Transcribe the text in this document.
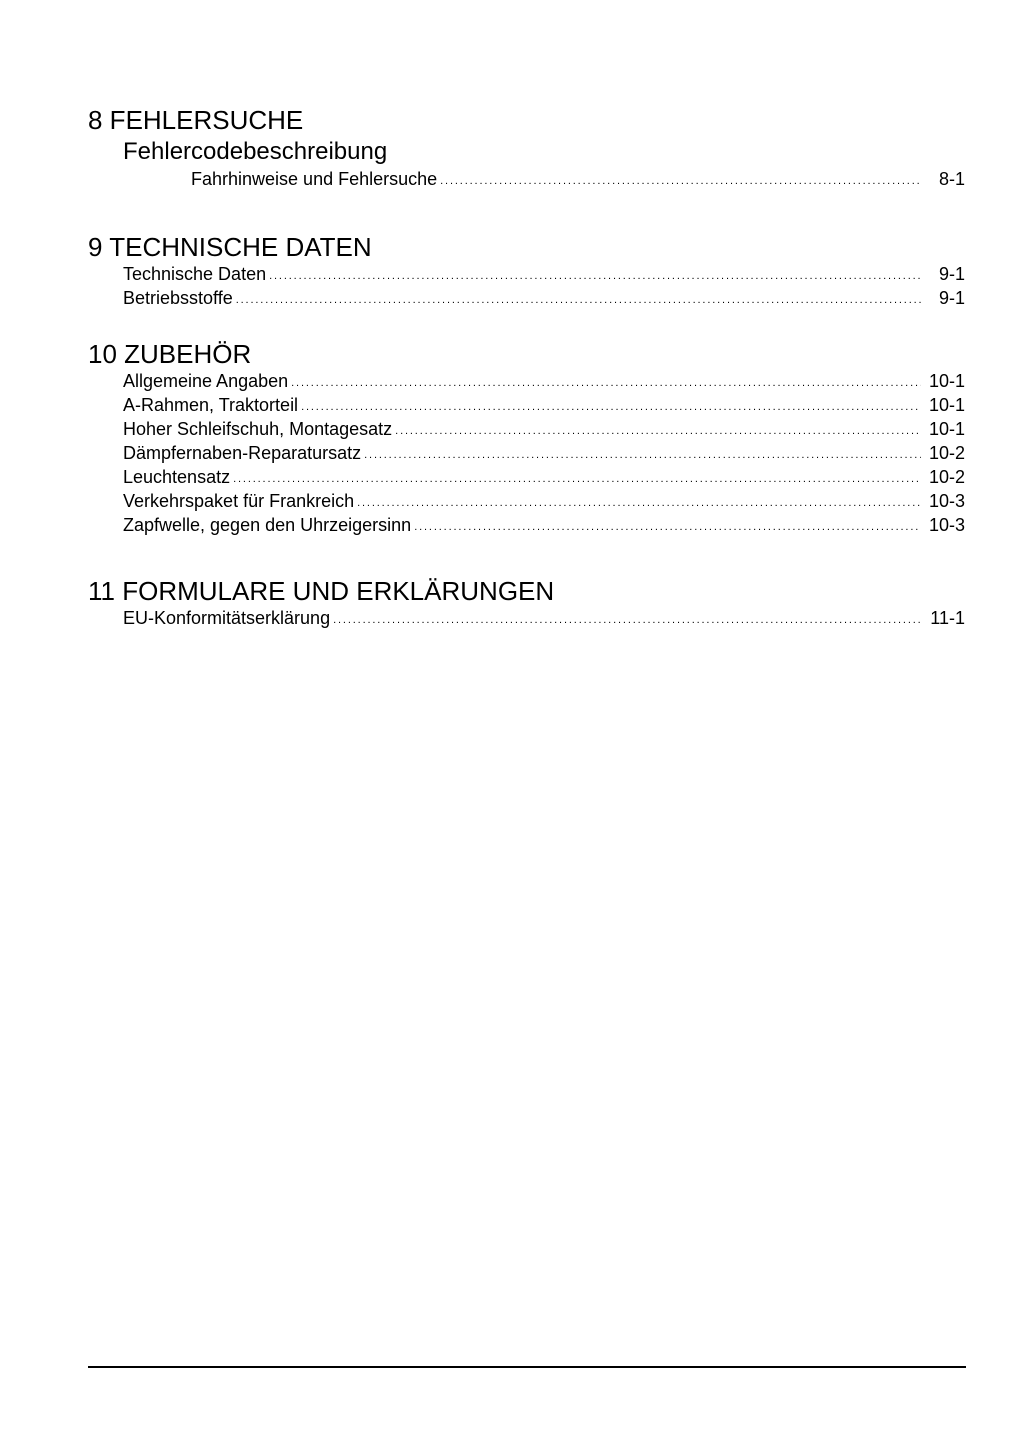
8 FEHLERSUCHE
Fehlercodebeschreibung
Fahrhinweise und Fehlersuche . . .	8-1
9 TECHNISCHE DATEN
Technische Daten . . .	9-1
Betriebsstoffe . . .	9-1
10 ZUBEHÖR
Allgemeine Angaben . . .	10-1
A-Rahmen, Traktorteil . . .	10-1
Hoher Schleifschuh, Montagesatz . . .	10-1
Dämpfernaben-Reparatursatz . . .	10-2
Leuchtensatz . . .	10-2
Verkehrspaket für Frankreich . . .	10-3
Zapfwelle, gegen den Uhrzeigersinn . . .	10-3
11 FORMULARE UND ERKLÄRUNGEN
EU-Konformitätserklärung . . .	11-1
